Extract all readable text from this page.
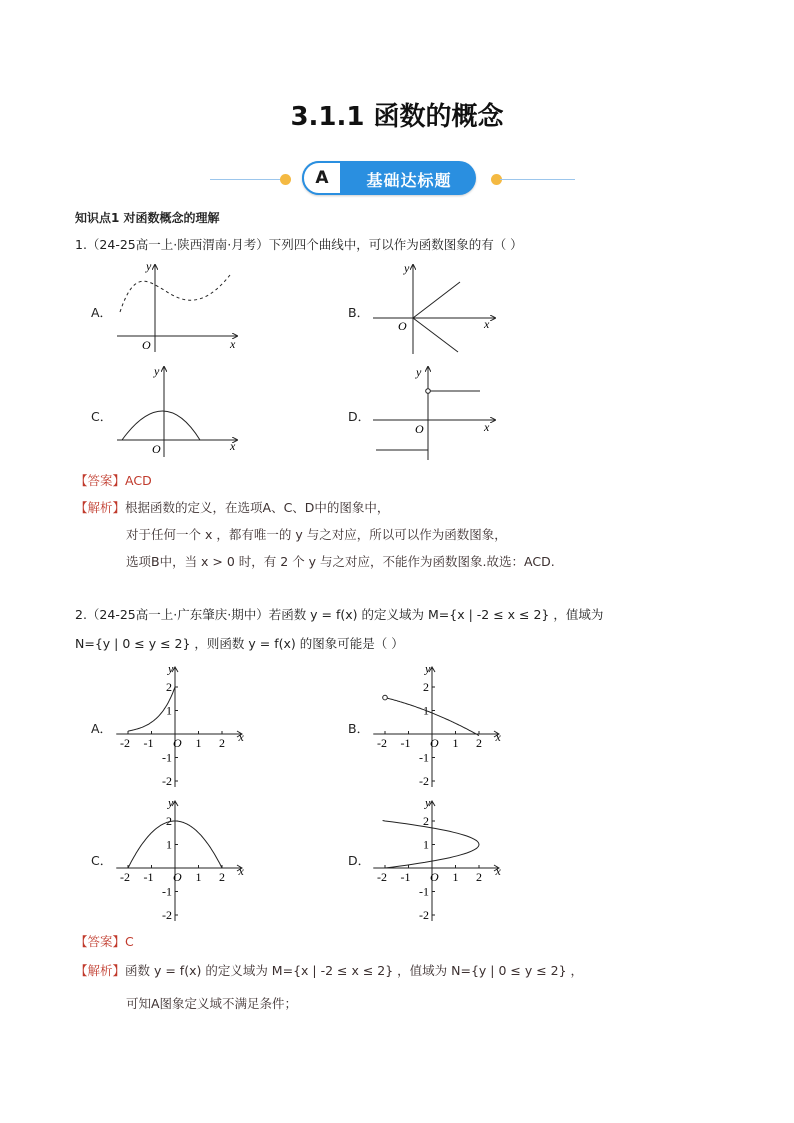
3.1.1 函数的概念
A	基础达标题
知识点1 对函数概念的理解
1.（24-25高一上·陕西渭南·月考）下列四个曲线中，可以作为函数图象的有（ ）
A．	B．
C．	D．
y
x
O
y
x
O
y
x
O
y
x
O
【答案】ACD
【解析】根据函数的定义，在选项A、C、D中的图象中，
对于任何一个 x ，都有唯一的 y 与之对应，所以可以作为函数图象，
选项B中，当 x > 0 时，有 2 个 y 与之对应，不能作为函数图象.故选：ACD.
2.（24-25高一上·广东肇庆·期中）若函数 y = f(x) 的定义域为 M={x | -2 ≤ x ≤ 2} ，值域为
N={y | 0 ≤ y ≤ 2} ，则函数 y = f(x) 的图象可能是（ ）
A．	B．
C．	D．
-2 -1	1 2
2
1
-1
-2
x
y
O	-2 -1	1 2
2
1
-1
-2
x
y
O
-2 -1	1 2
2
1
-1
-2
x
y
O	-2 -1	1 2
2
1
-1
-2
x
y
O
【答案】C
【解析】函数 y = f(x) 的定义域为 M={x | -2 ≤ x ≤ 2} ，值域为 N={y | 0 ≤ y ≤ 2} ，
可知A图象定义域不满足条件；
